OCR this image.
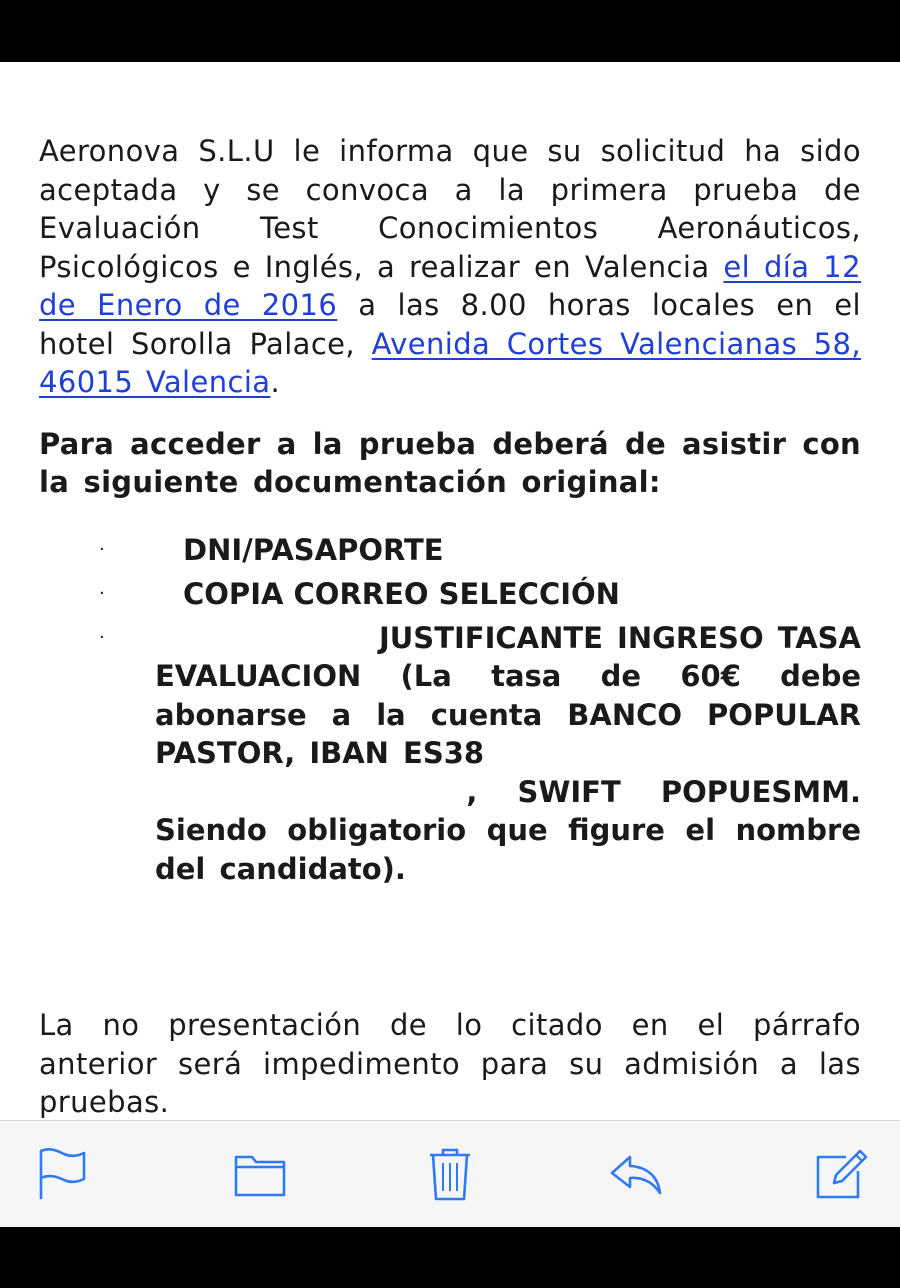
Aeronova S.L.U le informa que su solicitud ha sido aceptada y se convoca a la primera prueba de Evaluación Test Conocimientos Aeronáuticos, Psicológicos e Inglés, a realizar en Valencia el día 12 de Enero de 2016 a las 8.00 horas locales en el hotel Sorolla Palace, Avenida Cortes Valencianas 58, 46015 Valencia.

Para acceder a la prueba deberá de asistir con la siguiente documentación original:

·	DNI/PASAPORTE
·	COPIA CORREO SELECCIÓN
·	JUSTIFICANTE INGRESO TASA
EVALUACION (La tasa de 60€ debe abonarse a la cuenta BANCO POPULAR PASTOR, IBAN ES38
, SWIFT POPUESMM.
Siendo obligatorio que figure el nombre del candidato).

La no presentación de lo citado en el párrafo anterior será impedimento para su admisión a las pruebas.
